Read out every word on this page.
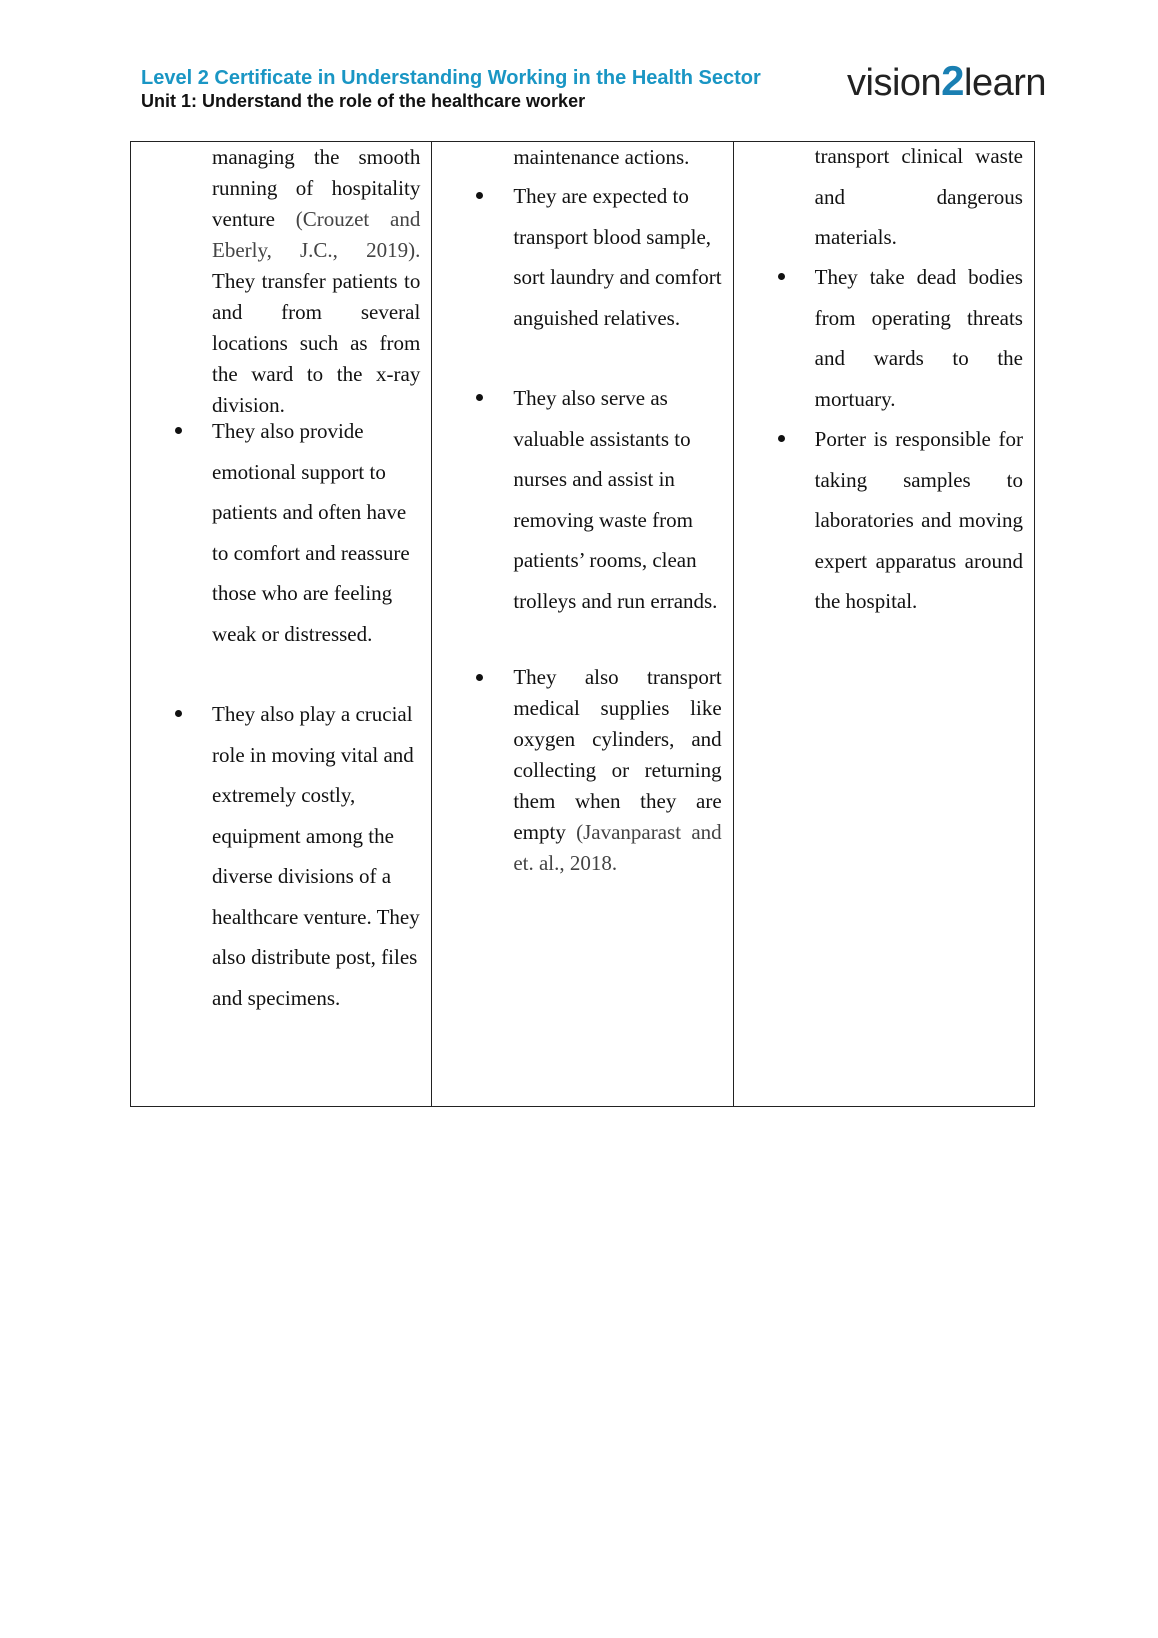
Level 2 Certificate in Understanding Working in the Health Sector
Unit 1: Understand the role of the healthcare worker	vision2learn
managing the smooth running of hospitality venture (Crouzet and Eberly, J.C., 2019). They transfer patients to and from several locations such as from the ward to the x-ray division.
They also provide emotional support to patients and often have to comfort and reassure those who are feeling weak or distressed.
They also play a crucial role in moving vital and extremely costly, equipment among the diverse divisions of a healthcare venture. They also distribute post, files and specimens.
maintenance actions.
They are expected to transport blood sample, sort laundry and comfort anguished relatives.
They also serve as valuable assistants to nurses and assist in removing waste from patients’ rooms, clean trolleys and run errands.
They also transport medical supplies like oxygen cylinders, and collecting or returning them when they are empty (Javanparast and et. al., 2018.
transport clinical waste and dangerous materials.
They take dead bodies from operating threats and wards to the mortuary.
Porter is responsible for taking samples to laboratories and moving expert apparatus around the hospital.
